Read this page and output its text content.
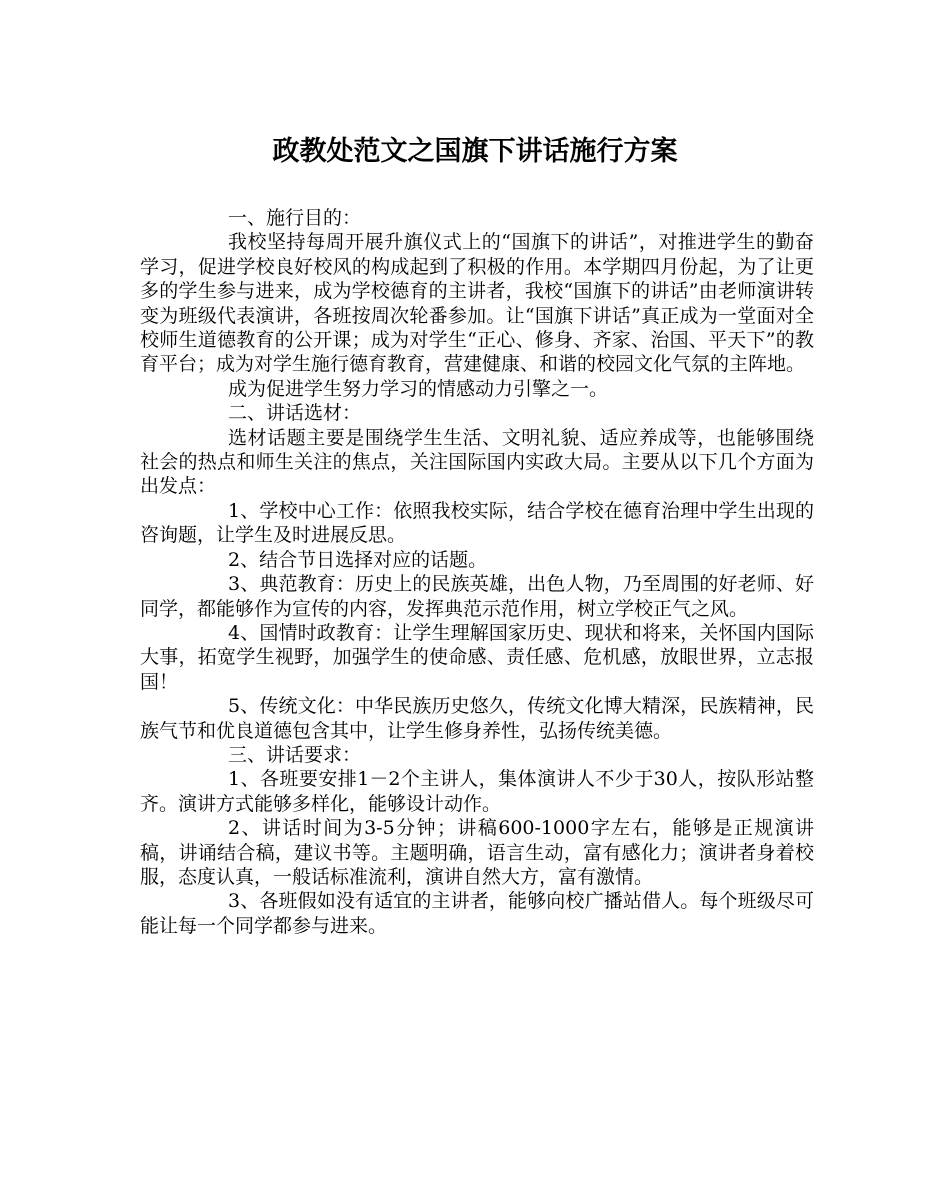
政教处范文之国旗下讲话施行方案

一、施行目的：

我校坚持每周开展升旗仪式上的“国旗下的讲话”，对推进学生的勤奋学习，促进学校良好校风的构成起到了积极的作用。本学期四月份起，为了让更多的学生参与进来，成为学校德育的主讲者，我校“国旗下的讲话”由老师演讲转变为班级代表演讲，各班按周次轮番参加。让“国旗下讲话”真正成为一堂面对全校师生道德教育的公开课；成为对学生“正心、修身、齐家、治国、平天下”的教育平台；成为对学生施行德育教育，营建健康、和谐的校园文化气氛的主阵地。

成为促进学生努力学习的情感动力引擎之一。

二、讲话选材：

选材话题主要是围绕学生生活、文明礼貌、适应养成等，也能够围绕社会的热点和师生关注的焦点，关注国际国内实政大局。主要从以下几个方面为出发点：

1、学校中心工作：依照我校实际，结合学校在德育治理中学生出现的咨询题，让学生及时进展反思。

2、结合节日选择对应的话题。

3、典范教育：历史上的民族英雄，出色人物，乃至周围的好老师、好同学，都能够作为宣传的内容，发挥典范示范作用，树立学校正气之风。

4、国情时政教育：让学生理解国家历史、现状和将来，关怀国内国际大事，拓宽学生视野，加强学生的使命感、责任感、危机感，放眼世界，立志报国！

5、传统文化：中华民族历史悠久，传统文化博大精深，民族精神，民族气节和优良道德包含其中，让学生修身养性，弘扬传统美德。

三、讲话要求：

1、各班要安排1－2个主讲人，集体演讲人不少于30人，按队形站整齐。演讲方式能够多样化，能够设计动作。

2、讲话时间为3-5分钟；讲稿600-1000字左右，能够是正规演讲稿，讲诵结合稿，建议书等。主题明确，语言生动，富有感化力；演讲者身着校服，态度认真，一般话标准流利，演讲自然大方，富有激情。

3、各班假如没有适宜的主讲者，能够向校广播站借人。每个班级尽可能让每一个同学都参与进来。
